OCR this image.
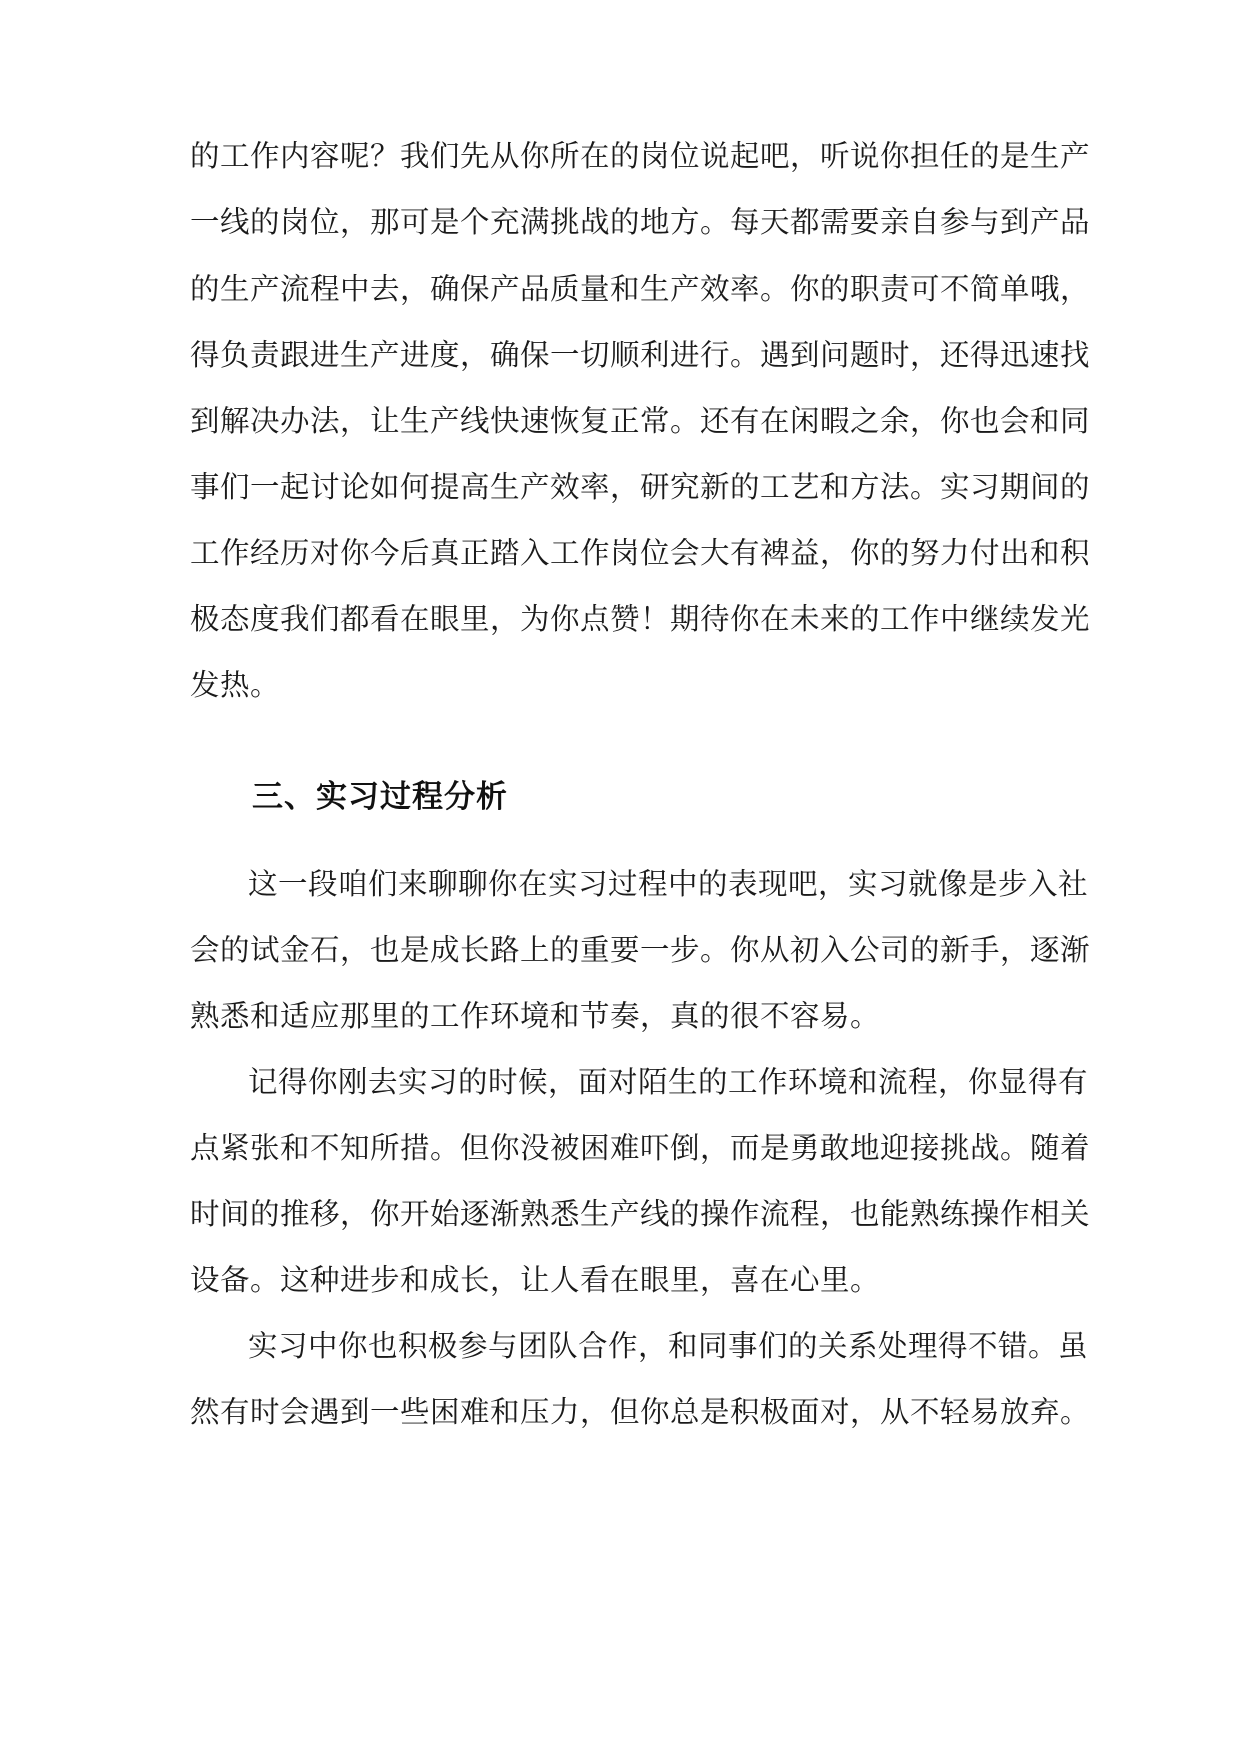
的工作内容呢？我们先从你所在的岗位说起吧，听说你担任的是生产
一线的岗位，那可是个充满挑战的地方。每天都需要亲自参与到产品
的生产流程中去，确保产品质量和生产效率。你的职责可不简单哦，
得负责跟进生产进度，确保一切顺利进行。遇到问题时，还得迅速找
到解决办法，让生产线快速恢复正常。还有在闲暇之余，你也会和同
事们一起讨论如何提高生产效率，研究新的工艺和方法。实习期间的
工作经历对你今后真正踏入工作岗位会大有裨益，你的努力付出和积
极态度我们都看在眼里，为你点赞！期待你在未来的工作中继续发光
发热。
三、实习过程分析
这一段咱们来聊聊你在实习过程中的表现吧，实习就像是步入社
会的试金石，也是成长路上的重要一步。你从初入公司的新手，逐渐
熟悉和适应那里的工作环境和节奏，真的很不容易。
记得你刚去实习的时候，面对陌生的工作环境和流程，你显得有
点紧张和不知所措。但你没被困难吓倒，而是勇敢地迎接挑战。随着
时间的推移，你开始逐渐熟悉生产线的操作流程，也能熟练操作相关
设备。这种进步和成长，让人看在眼里，喜在心里。
实习中你也积极参与团队合作，和同事们的关系处理得不错。虽
然有时会遇到一些困难和压力，但你总是积极面对，从不轻易放弃。
